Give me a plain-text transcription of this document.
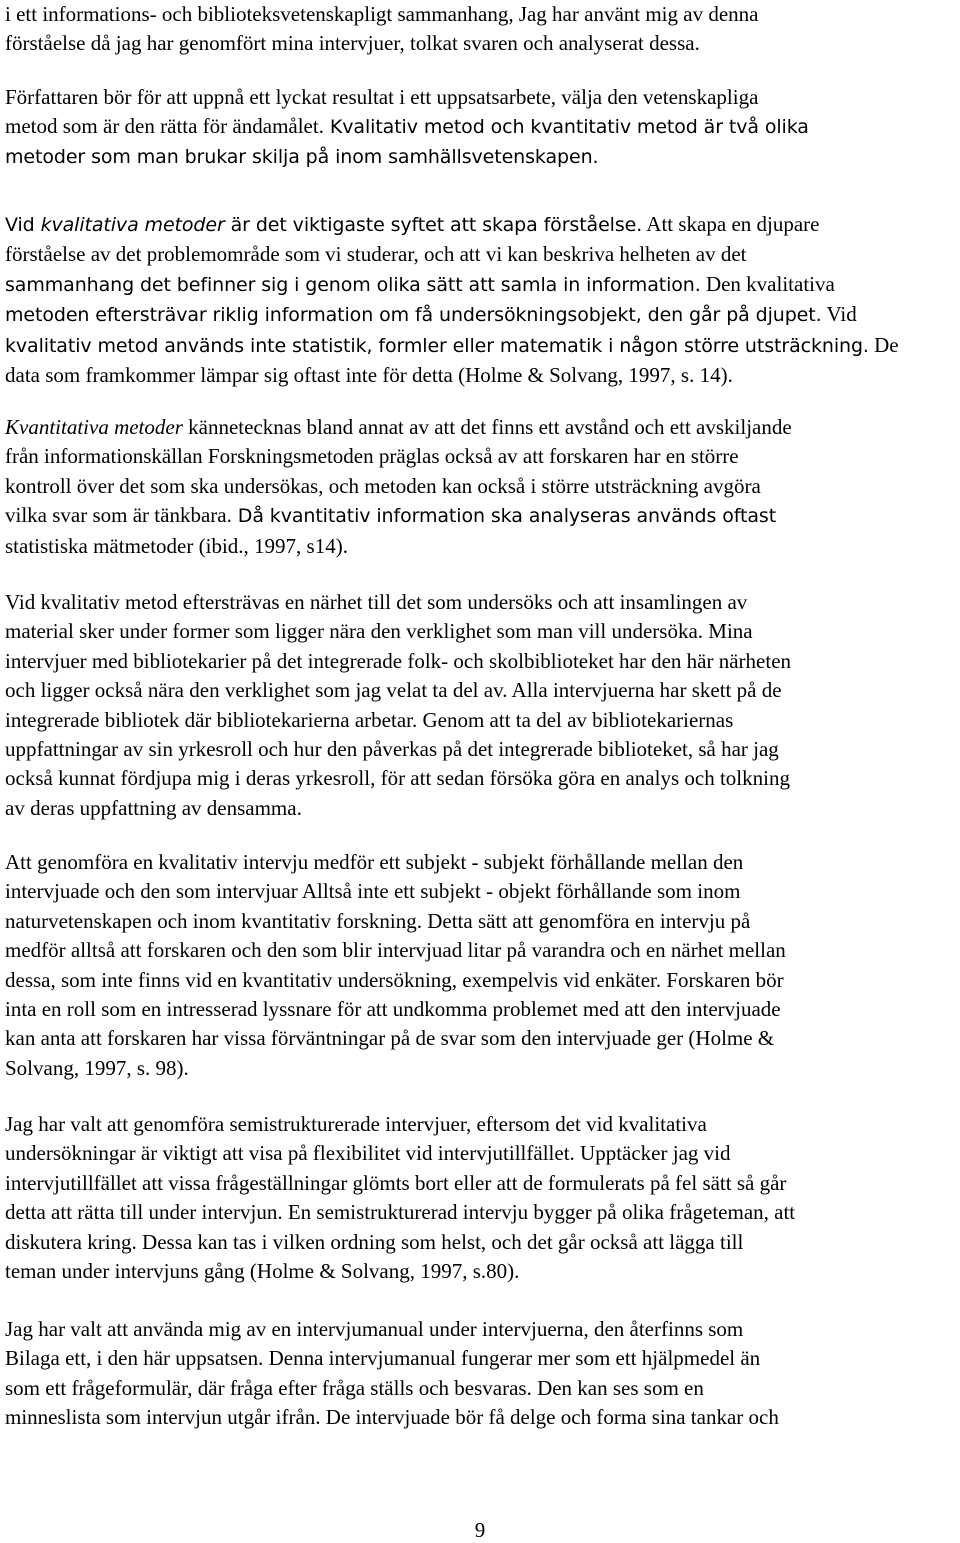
i ett informations- och biblioteksvetenskapligt sammanhang, Jag har använt mig av denna
förståelse då jag har genomfört mina intervjuer, tolkat svaren och analyserat dessa.
Författaren bör för att uppnå ett lyckat resultat i ett uppsatsarbete, välja den vetenskapliga
metod som är den rätta för ändamålet. Kvalitativ metod och kvantitativ metod är två olika
metoder som man brukar skilja på inom samhällsvetenskapen.
Vid kvalitativa metoder är det viktigaste syftet att skapa förståelse. Att skapa en djupare
förståelse av det problemområde som vi studerar, och att vi kan beskriva helheten av det
sammanhang det befinner sig i genom olika sätt att samla in information. Den kvalitativa
metoden eftersträvar riklig information om få undersökningsobjekt, den går på djupet. Vid
kvalitativ metod används inte statistik, formler eller matematik i någon större utsträckning. De
data som framkommer lämpar sig oftast inte för detta (Holme & Solvang, 1997, s. 14).
Kvantitativa metoder kännetecknas bland annat av att det finns ett avstånd och ett avskiljande
från informationskällan Forskningsmetoden präglas också av att forskaren har en större
kontroll över det som ska undersökas, och metoden kan också i större utsträckning avgöra
vilka svar som är tänkbara. Då kvantitativ information ska analyseras används oftast
statistiska mätmetoder (ibid., 1997, s14).
Vid kvalitativ metod eftersträvas en närhet till det som undersöks och att insamlingen av
material sker under former som ligger nära den verklighet som man vill undersöka. Mina
intervjuer med bibliotekarier på det integrerade folk- och skolbiblioteket har den här närheten
och ligger också nära den verklighet som jag velat ta del av. Alla intervjuerna har skett på de
integrerade bibliotek där bibliotekarierna arbetar. Genom att ta del av bibliotekariernas
uppfattningar av sin yrkesroll och hur den påverkas på det integrerade biblioteket, så har jag
också kunnat fördjupa mig i deras yrkesroll, för att sedan försöka göra en analys och tolkning
av deras uppfattning av densamma.
Att genomföra en kvalitativ intervju medför ett subjekt - subjekt förhållande mellan den
intervjuade och den som intervjuar Alltså inte ett subjekt - objekt förhållande som inom
naturvetenskapen och inom kvantitativ forskning. Detta sätt att genomföra en intervju på
medför alltså att forskaren och den som blir intervjuad litar på varandra och en närhet mellan
dessa, som inte finns vid en kvantitativ undersökning, exempelvis vid enkäter. Forskaren bör
inta en roll som en intresserad lyssnare för att undkomma problemet med att den intervjuade
kan anta att forskaren har vissa förväntningar på de svar som den intervjuade ger (Holme &
Solvang, 1997, s. 98).
Jag har valt att genomföra semistrukturerade intervjuer, eftersom det vid kvalitativa
undersökningar är viktigt att visa på flexibilitet vid intervjutillfället. Upptäcker jag vid
intervjutillfället att vissa frågeställningar glömts bort eller att de formulerats på fel sätt så går
detta att rätta till under intervjun. En semistrukturerad intervju bygger på olika frågeteman, att
diskutera kring. Dessa kan tas i vilken ordning som helst, och det går också att lägga till
teman under intervjuns gång (Holme & Solvang, 1997, s.80).
Jag har valt att använda mig av en intervjumanual under intervjuerna, den återfinns som
Bilaga ett, i den här uppsatsen. Denna intervjumanual fungerar mer som ett hjälpmedel än
som ett frågeformulär, där fråga efter fråga ställs och besvaras. Den kan ses som en
minneslista som intervjun utgår ifrån. De intervjuade bör få delge och forma sina tankar och
9
